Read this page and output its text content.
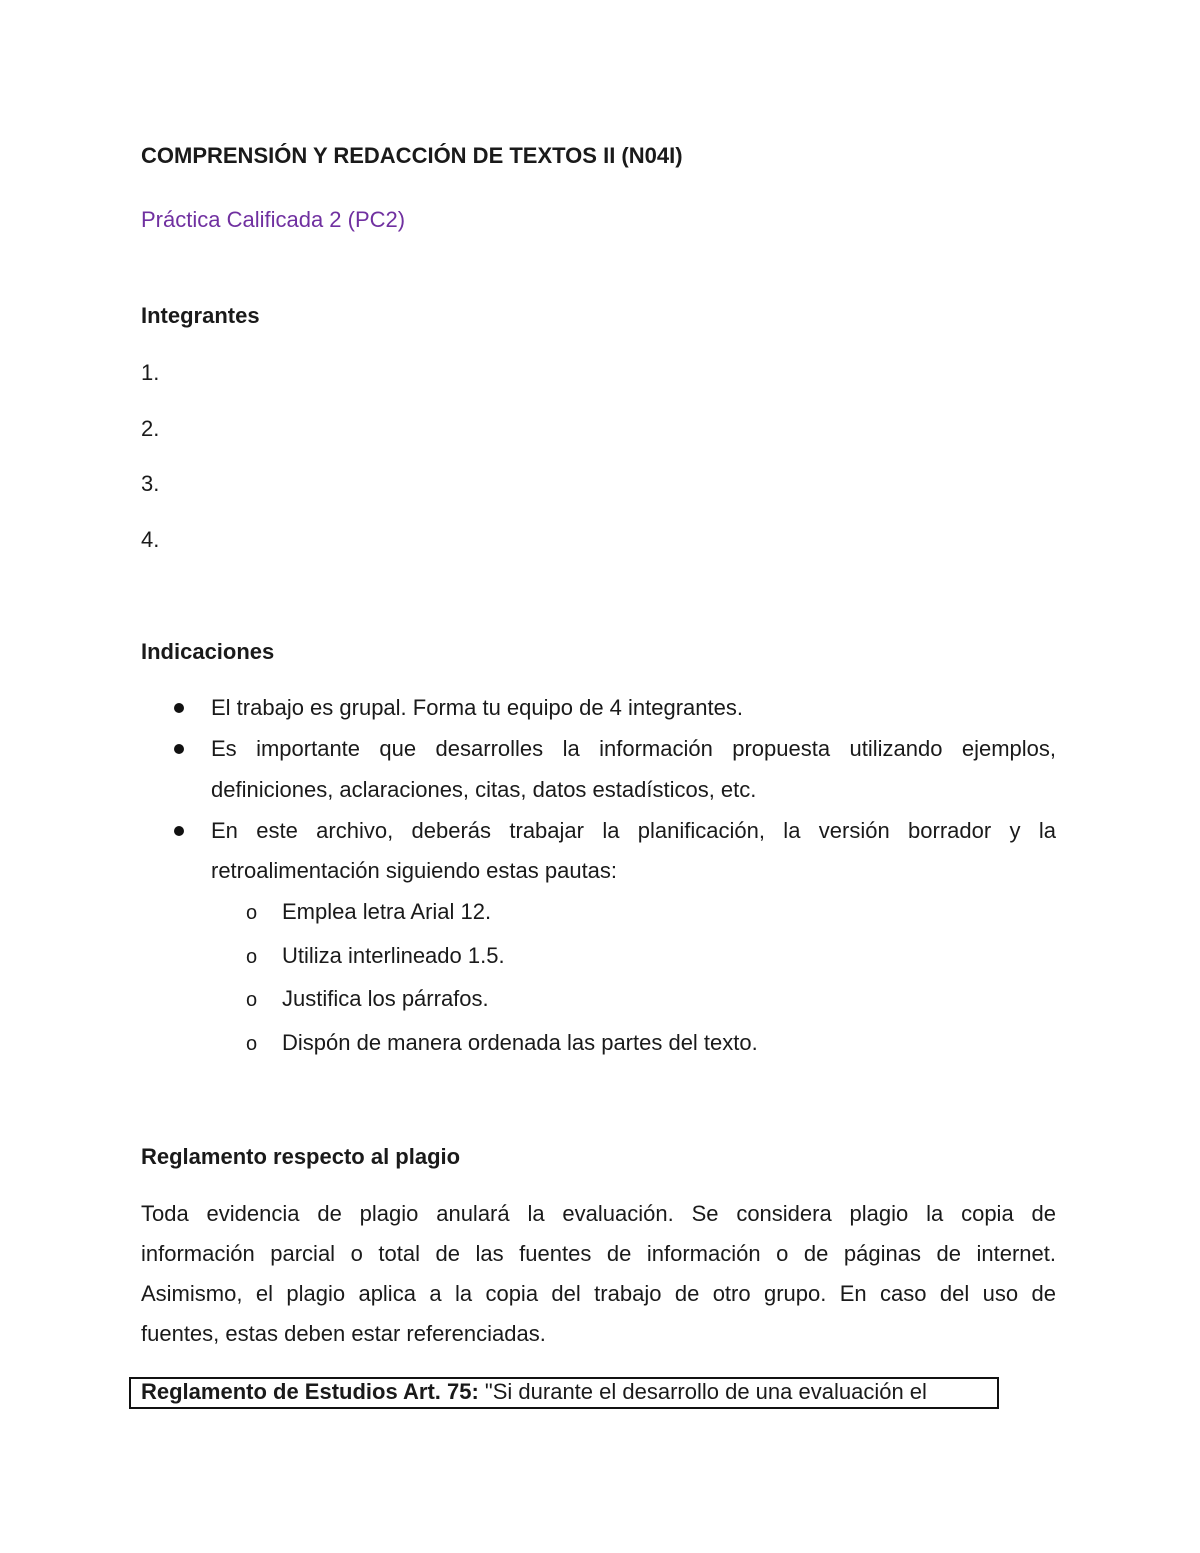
COMPRENSIÓN Y REDACCIÓN DE TEXTOS II (N04I)
Práctica Calificada 2 (PC2)
Integrantes
1.
2.
3.
4.
Indicaciones
El trabajo es grupal. Forma tu equipo de 4 integrantes.
Es importante que desarrolles la información propuesta utilizando ejemplos,
definiciones, aclaraciones, citas, datos estadísticos, etc.
En este archivo, deberás trabajar la planificación, la versión borrador y la
retroalimentación siguiendo estas pautas:
o Emplea letra Arial 12.
o Utiliza interlineado 1.5.
o Justifica los párrafos.
o Dispón de manera ordenada las partes del texto.
Reglamento respecto al plagio
Toda evidencia de plagio anulará la evaluación. Se considera plagio la copia de
información parcial o total de las fuentes de información o de páginas de internet.
Asimismo, el plagio aplica a la copia del trabajo de otro grupo. En caso del uso de
fuentes, estas deben estar referenciadas.
Reglamento de Estudios Art. 75: "Si durante el desarrollo de una evaluación el
